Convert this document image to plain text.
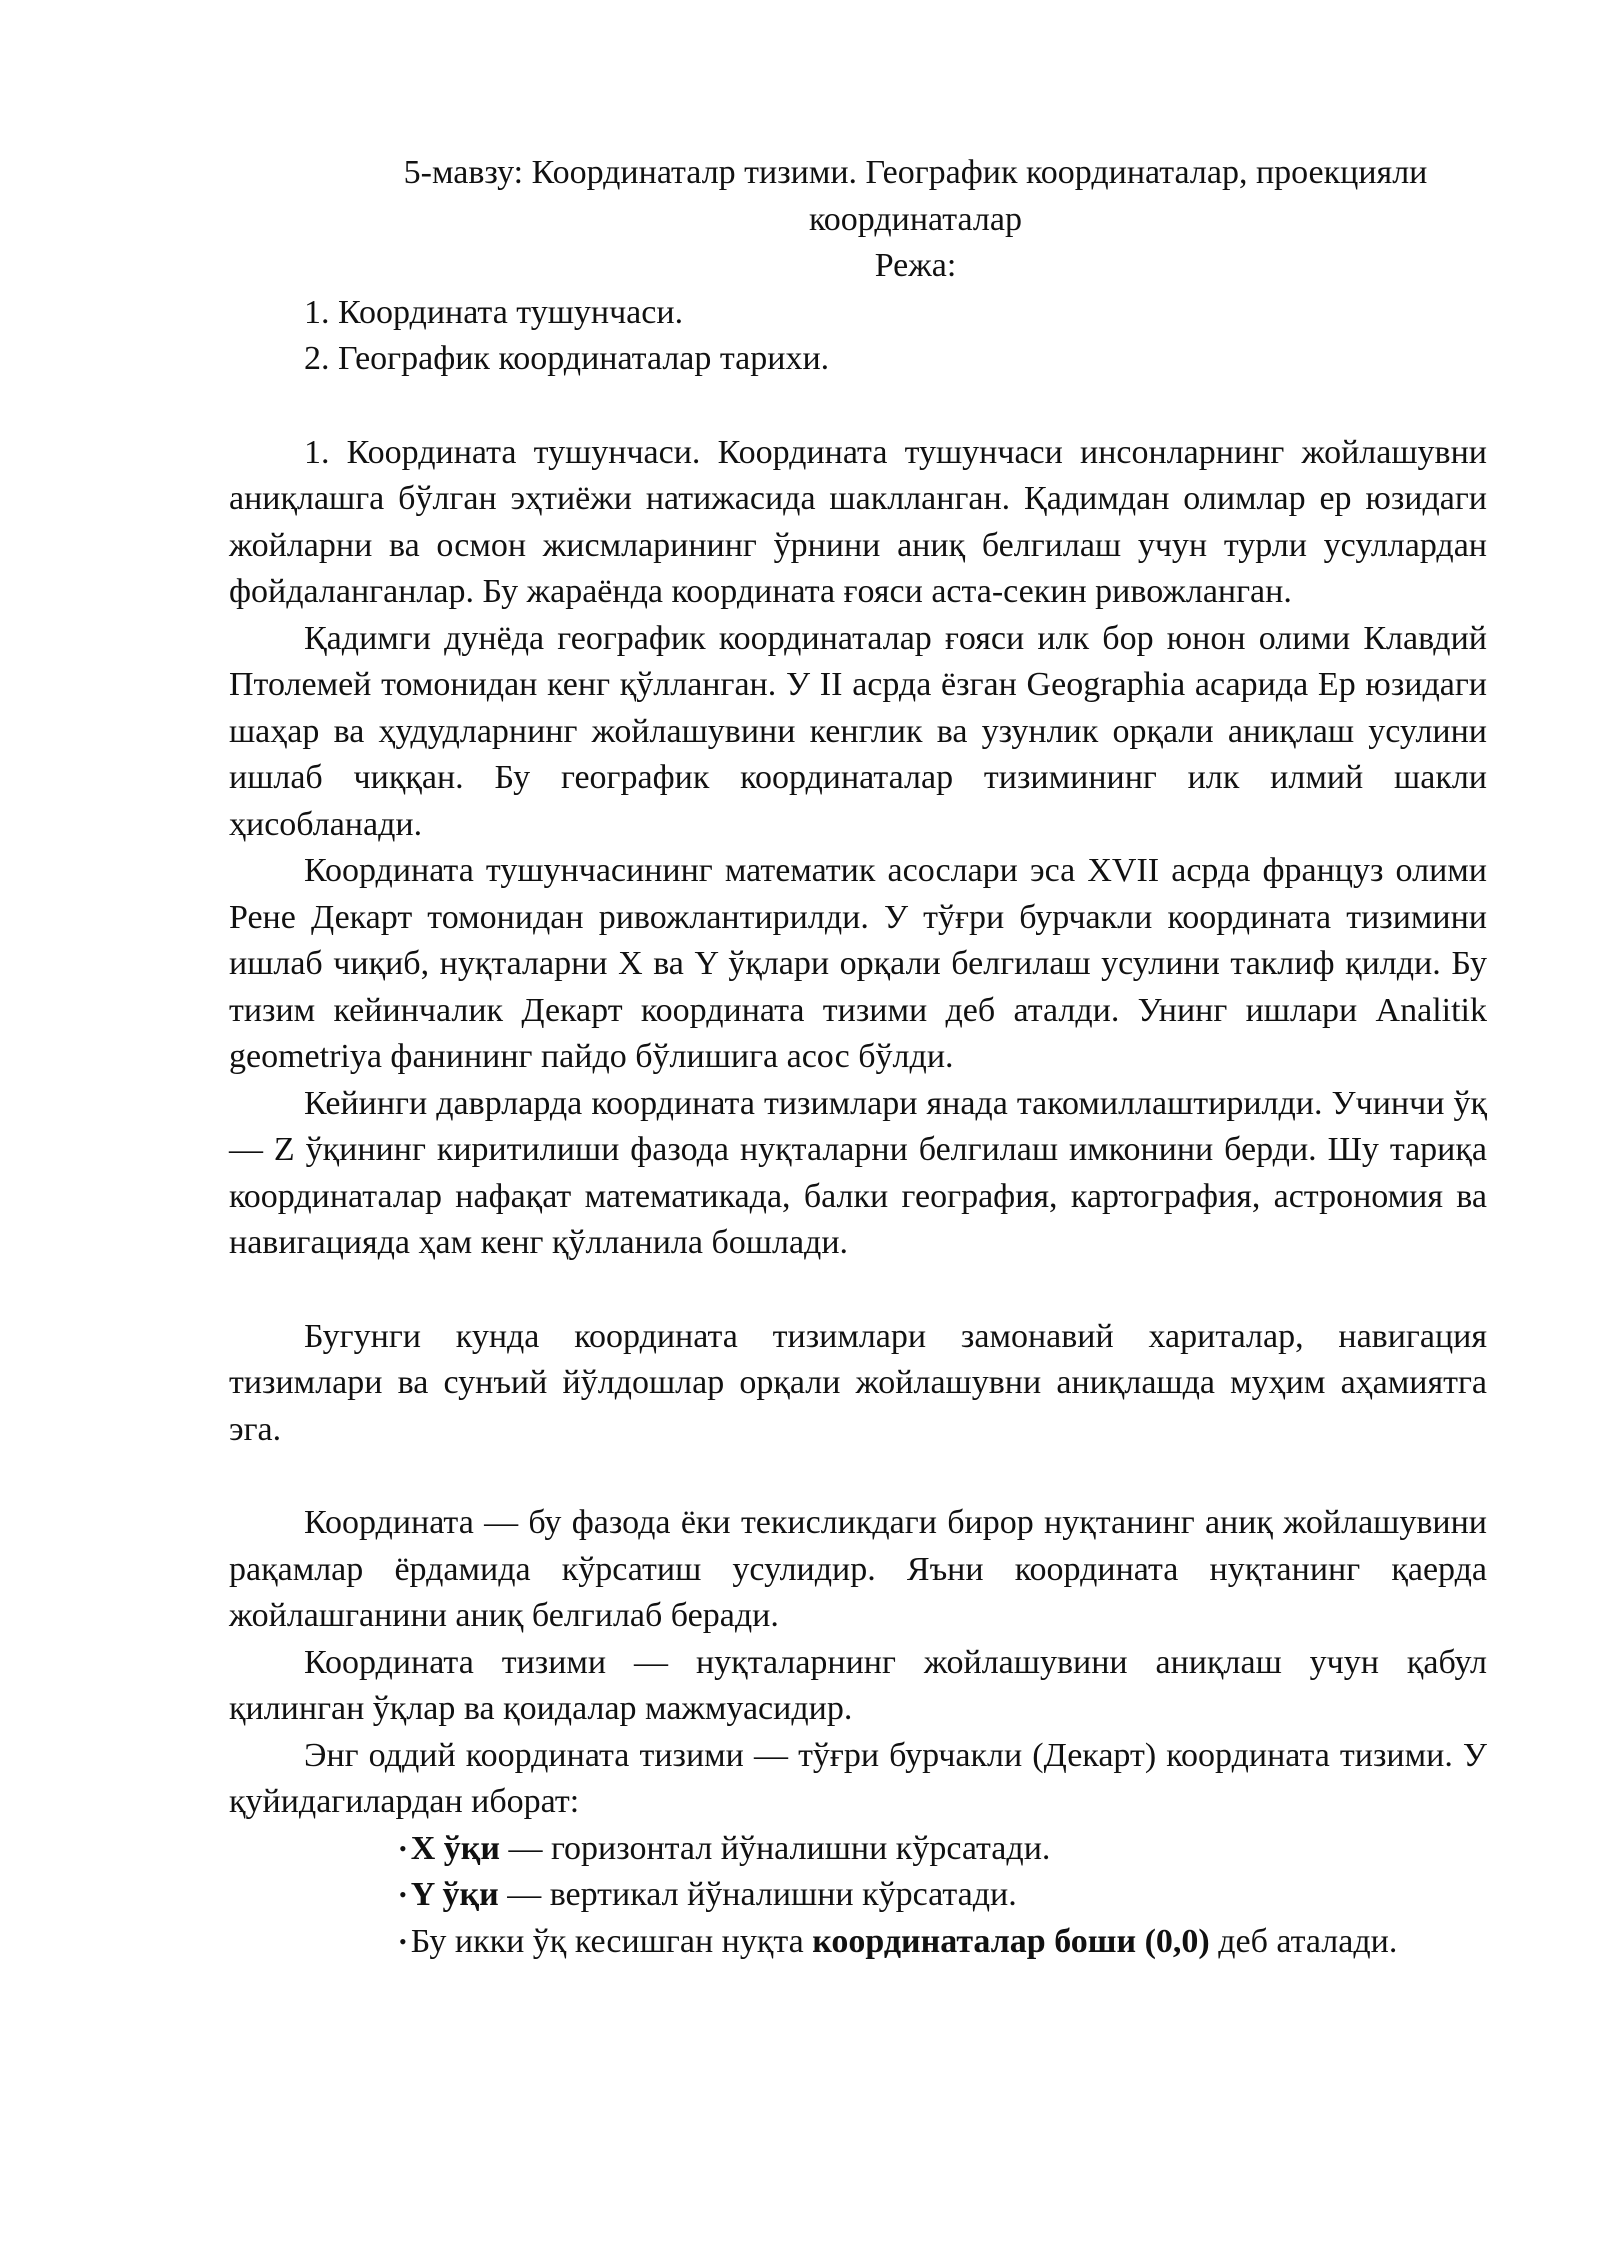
5-мавзу: Координаталр тизими. Географик координаталар, проекцияли
координаталар
Режа:
1. Координата тушунчаси.
2. Географик координаталар тарихи.

1. Координата тушунчаси. Координата тушунчаси инсонларнинг жойлашувни аниқлашга бўлган эҳтиёжи натижасида шаклланган. Қадимдан олимлар ер юзидаги жойларни ва осмон жисмларининг ўрнини аниқ белгилаш учун турли усуллардан фойдаланганлар. Бу жараёнда координата ғояси аста-секин ривожланган.

Қадимги дунёда географик координаталар ғояси илк бор юнон олими Клавдий Птолемей томонидан кенг қўлланган. У II асрда ёзган Geographia асарида Ер юзидаги шаҳар ва ҳудудларнинг жойлашувини кенглик ва узунлик орқали аниқлаш усулини ишлаб чиққан. Бу географик координаталар тизимининг илк илмий шакли ҳисобланади.

Координата тушунчасининг математик асослари эса XVII асрда француз олими Рене Декарт томонидан ривожлантирилди. У тўғри бурчакли координата тизимини ишлаб чиқиб, нуқталарни X ва Y ўқлари орқали белгилаш усулини таклиф қилди. Бу тизим кейинчалик Декарт координата тизими деб аталди. Унинг ишлари Analitik geometriya фанининг пайдо бўлишига асос бўлди.

Кейинги даврларда координата тизимлари янада такомиллаштирилди. Учинчи ўқ — Z ўқининг киритилиши фазода нуқталарни белгилаш имконини берди. Шу тариқа координаталар нафақат математикада, балки география, картография, астрономия ва навигацияда ҳам кенг қўлланила бошлади.

Бугунги кунда координата тизимлари замонавий хариталар, навигация тизимлари ва сунъий йўлдошлар орқали жойлашувни аниқлашда муҳим аҳамиятга эга.

Координата — бу фазода ёки текисликдаги бирор нуқтанинг аниқ жойлашувини рақамлар ёрдамида кўрсатиш усулидир. Яъни координата нуқтанинг қаерда жойлашганини аниқ белгилаб беради.

Координата тизими — нуқталарнинг жойлашувини аниқлаш учун қабул қилинган ўқлар ва қоидалар мажмуасидир.

Энг оддий координата тизими — тўғри бурчакли (Декарт) координата тизими. У қуйидагилардан иборат:

• X ўқи — горизонтал йўналишни кўрсатади.
• Y ўқи — вертикал йўналишни кўрсатади.
• Бу икки ўқ кесишган нуқта координаталар боши (0,0) деб аталади.
